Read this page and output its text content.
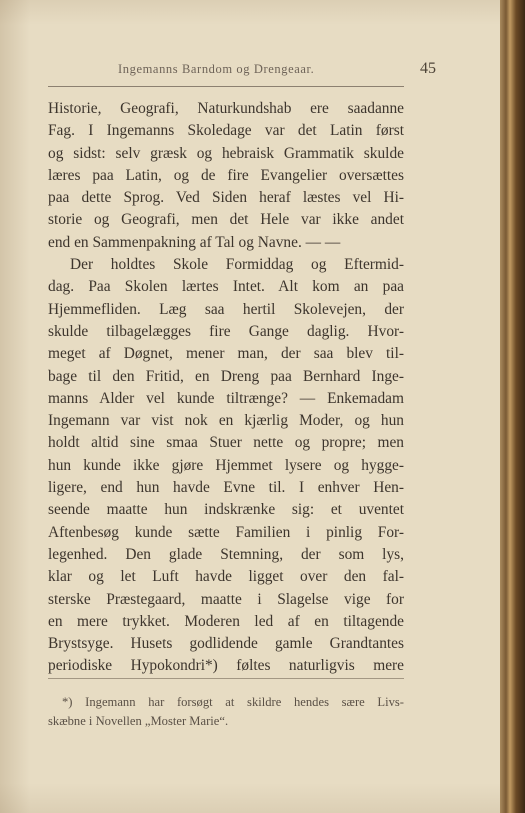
Ingemanns Barndom og Drengeaar.	45
Historie, Geografi, Naturkundshab ere saadanne
Fag. I Ingemanns Skoledage var det Latin først
og sidst: selv græsk og hebraisk Grammatik skulde
læres paa Latin, og de fire Evangelier oversættes
paa dette Sprog. Ved Siden heraf læstes vel Hi-
storie og Geografi, men det Hele var ikke andet
end en Sammenpakning af Tal og Navne. — —
Der holdtes Skole Formiddag og Eftermid-
dag. Paa Skolen lærtes Intet. Alt kom an paa
Hjemmefliden. Læg saa hertil Skolevejen, der
skulde tilbagelægges fire Gange daglig. Hvor-
meget af Døgnet, mener man, der saa blev til-
bage til den Fritid, en Dreng paa Bernhard Inge-
manns Alder vel kunde tiltrænge? — Enkemadam
Ingemann var vist nok en kjærlig Moder, og hun
holdt altid sine smaa Stuer nette og propre; men
hun kunde ikke gjøre Hjemmet lysere og hygge-
ligere, end hun havde Evne til. I enhver Hen-
seende maatte hun indskrænke sig: et uventet
Aftenbesøg kunde sætte Familien i pinlig For-
legenhed. Den glade Stemning, der som lys,
klar og let Luft havde ligget over den fal-
sterske Præstegaard, maatte i Slagelse vige for
en mere trykket. Moderen led af en tiltagende
Brystsyge. Husets godlidende gamle Grandtantes
periodiske Hypokondri*) føltes naturligvis mere
*) Ingemann har forsøgt at skildre hendes sære Livs-
skæbne i Novellen „Moster Marie“.
